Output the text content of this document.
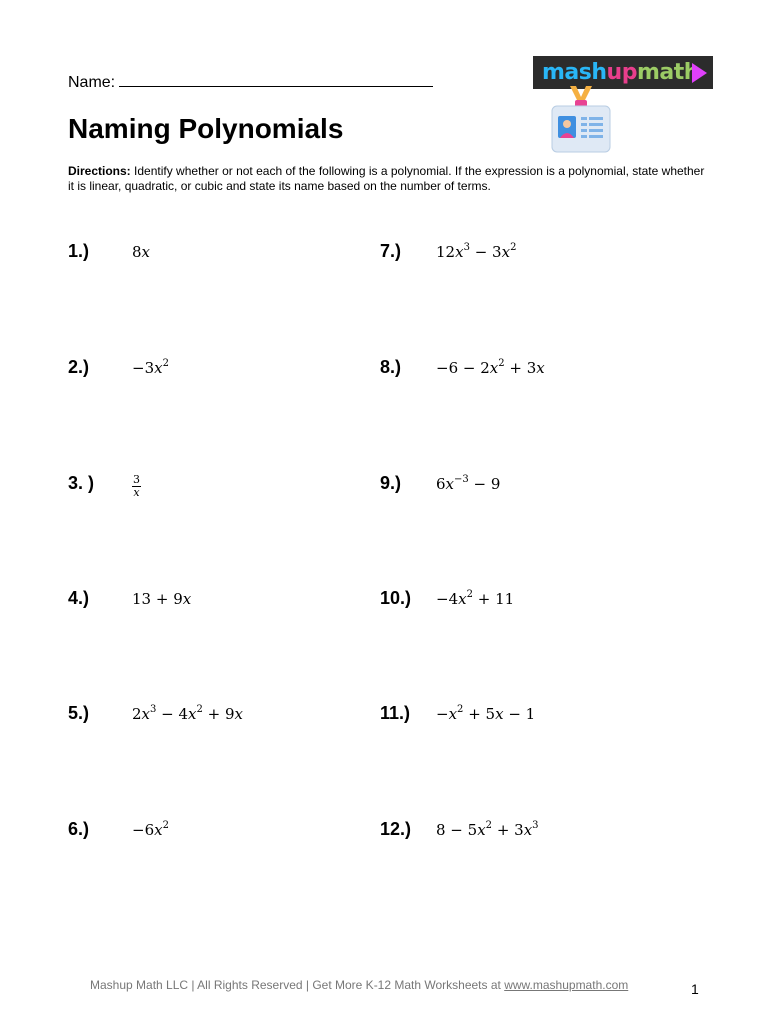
Name:	mashupmath
Naming Polynomials
Directions: Identify whether or not each of the following is a polynomial. If the expression is a polynomial, state whether it is linear, quadratic, or cubic and state its name based on the number of terms.
1.)	8x
2.)	$-3x^2$
3. )	$\frac{3}{x}$
4.)	13 + 9x
5.)	$2x^3 - 4x^2 + 9x$
6.)	$-6x^2$
7.) $12x^3 - 3x^2$
$8.) -6 - 2x^2 + 3x$
9.) $6x^{-3} - 9$
$10.) -4x^2 + 11$
$11.) -x^2 + 5x - 1$
12.) $8 - 5x^2 + 3x^3$
Mashup Math LLC | All Rights Reserved | Get More K-12 Math Worksheets at www.mashupmath.com	1
